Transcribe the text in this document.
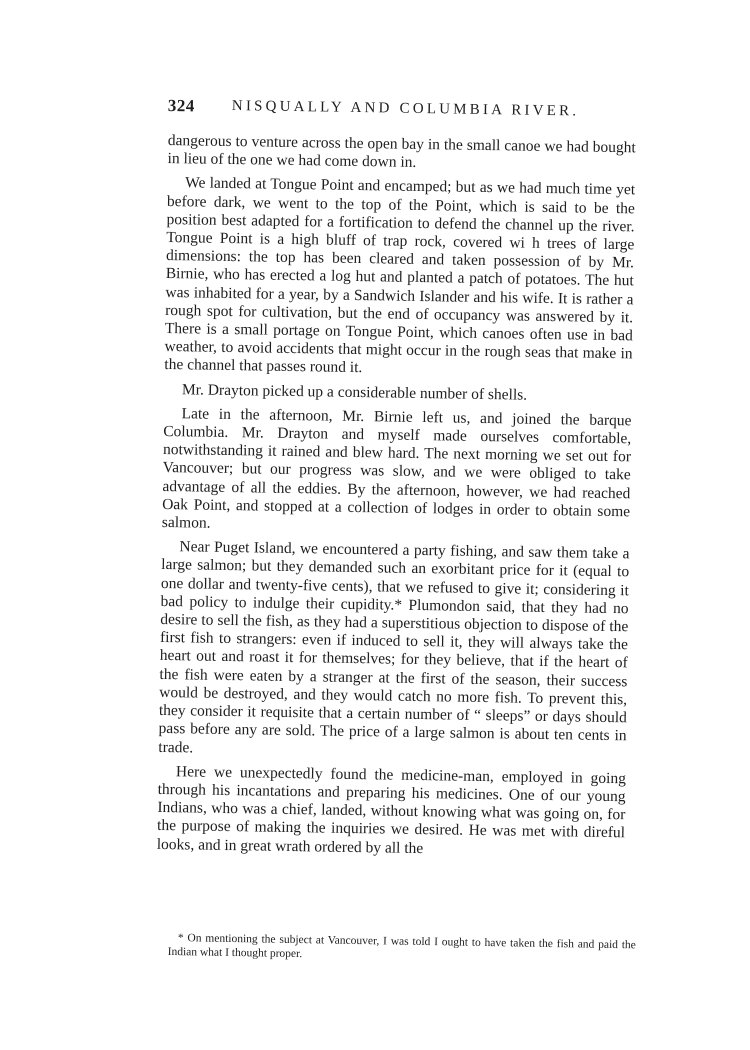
324 NISQUALLY AND COLUMBIA RIVER.

dangerous to venture across the open bay in the small canoe we had bought in lieu of the one we had come down in.

We landed at Tongue Point and encamped; but as we had much time yet before dark, we went to the top of the Point, which is said to be the position best adapted for a fortification to defend the channel up the river. Tongue Point is a high bluff of trap rock, covered wi h trees of large dimensions: the top has been cleared and taken possession of by Mr. Birnie, who has erected a log hut and planted a patch of potatoes. The hut was inhabited for a year, by a Sandwich Islander and his wife. It is rather a rough spot for cultivation, but the end of occupancy was answered by it. There is a small portage on Tongue Point, which canoes often use in bad weather, to avoid accidents that might occur in the rough seas that make in the channel that passes round it.

Mr. Drayton picked up a considerable number of shells.

Late in the afternoon, Mr. Birnie left us, and joined the barque Columbia. Mr. Drayton and myself made ourselves comfortable, notwithstanding it rained and blew hard. The next morning we set out for Vancouver; but our progress was slow, and we were obliged to take advantage of all the eddies. By the afternoon, however, we had reached Oak Point, and stopped at a collection of lodges in order to obtain some salmon.

Near Puget Island, we encountered a party fishing, and saw them take a large salmon; but they demanded such an exorbitant price for it (equal to one dollar and twenty-five cents), that we refused to give it; considering it bad policy to indulge their cupidity.* Plumondon said, that they had no desire to sell the fish, as they had a superstitious objection to dispose of the first fish to strangers: even if induced to sell it, they will always take the heart out and roast it for themselves; for they believe, that if the heart of the fish were eaten by a stranger at the first of the season, their success would be destroyed, and they would catch no more fish. To prevent this, they consider it requisite that a certain number of “ sleeps” or days should pass before any are sold. The price of a large salmon is about ten cents in trade.

Here we unexpectedly found the medicine-man, employed in going through his incantations and preparing his medicines. One of our young Indians, who was a chief, landed, without knowing what was going on, for the purpose of making the inquiries we desired. He was met with direful looks, and in great wrath ordered by all the

* On mentioning the subject at Vancouver, I was told I ought to have taken the fish and paid the Indian what I thought proper.
